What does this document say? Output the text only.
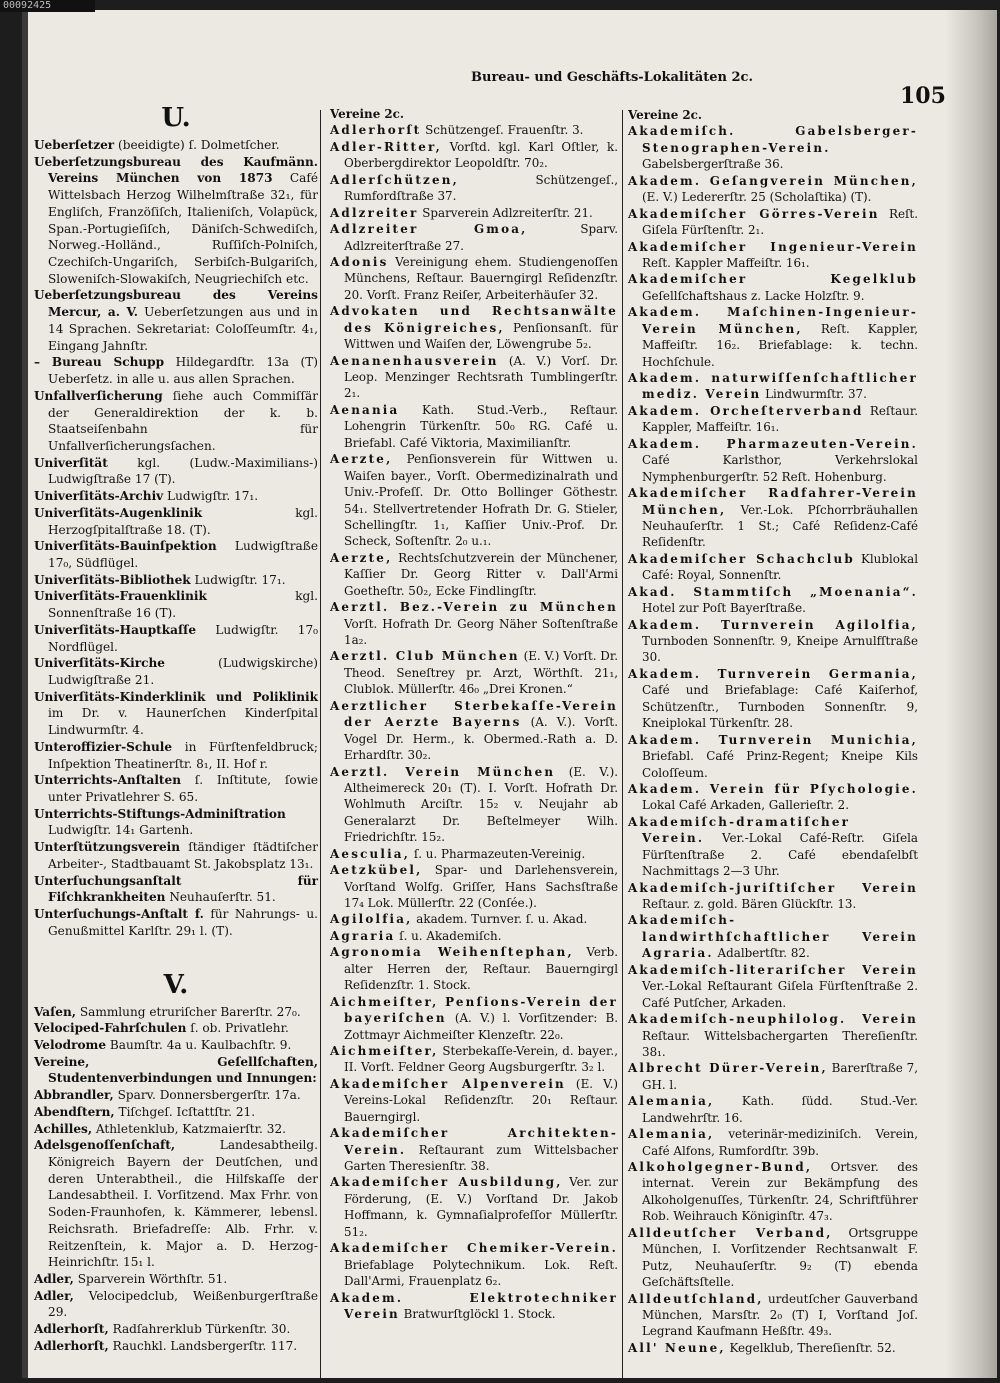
Bureau- und Geschäfts-Lokalitäten 2c.
105
U.

Ueberſetzer (beeidigte) ſ. Dolmetſcher.

Ueberſetzungsbureau des Kaufmänn. Vereins München von 1873 Café Wittelsbach Herzog Wilhelmſtraße 32₁, für Engliſch, Franzöſiſch, Italieniſch, Volapück, Span.-Portugieſiſch, Däniſch-Schwediſch, Norweg.-Holländ., Ruſſiſch-Polniſch, Czechiſch-Ungariſch, Serbiſch-Bulgariſch, Sloweniſch-Slowakiſch, Neugriechiſch etc.

Ueberſetzungsbureau des Vereins Mercur, a. V. Ueberſetzungen aus und in 14 Sprachen. Sekretariat: Coloſſeumſtr. 4₁, Eingang Jahnſtr.

– Bureau Schupp Hildegardſtr. 13a (T) Ueberſetz. in alle u. aus allen Sprachen.

Unfallverſicherung ſiehe auch Commiſſär der Generaldirektion der k. b. Staatseiſenbahn für Unfallverſicherungsſachen.

Univerſität kgl. (Ludw.-Maximilians-) Ludwigſtraße 17 (T).

Univerſitäts-Archiv Ludwigſtr. 17₁.

Univerſitäts-Augenklinik kgl. Herzogſpitalſtraße 18. (T).

Univerſitäts-Bauinſpektion Ludwigſtraße 17₀, Südflügel.

Univerſitäts-Bibliothek Ludwigſtr. 17₁.

Univerſitäts-Frauenklinik kgl. Sonnenſtraße 16 (T).

Univerſitäts-Hauptkaſſe Ludwigſtr. 17₀ Nordflügel.

Univerſitäts-Kirche (Ludwigskirche) Ludwigſtraße 21.

Univerſitäts-Kinderklinik und Poliklinik im Dr. v. Haunerſchen Kinderſpital Lindwurmſtr. 4.

Unteroffizier-Schule in Fürſtenfeldbruck; Inſpektion Theatinerſtr. 8₁, II. Hof r.

Unterrichts-Anſtalten ſ. Inſtitute, ſowie unter Privatlehrer S. 65.

Unterrichts-Stiftungs-Adminiſtration Ludwigſtr. 14₁ Gartenh.

Unterſtützungsverein ſtändiger ſtädtiſcher Arbeiter-, Stadtbauamt St. Jakobsplatz 13₁.

Unterſuchungsanſtalt für Fiſchkrankheiten Neuhauſerſtr. 51.

Unterſuchungs-Anſtalt f. für Nahrungs- u. Genußmittel Karlſtr. 29₁ l. (T).

V.

Vaſen, Sammlung etruriſcher Barerſtr. 27₀.

Velociped-Fahrſchulen ſ. ob. Privatlehr.

Velodrome Baumſtr. 4a u. Kaulbachſtr. 9.

Vereine, Geſellſchaften, Studentenverbindungen und Innungen:

Abbrandler, Sparv. Donnersbergerſtr. 17a.

Abendſtern, Tiſchgeſ. Icſtattſtr. 21.

Achilles, Athletenklub, Katzmaierſtr. 32.

Adelsgenoſſenſchaft, Landesabtheilg. Königreich Bayern der Deutſchen, und deren Unterabtheil., die Hilfskaſſe der Landesabtheil. I. Vorſitzend. Max Frhr. von Soden-Fraunhofen, k. Kämmerer, lebensl. Reichsrath. Briefadreſſe: Alb. Frhr. v. Reitzenſtein, k. Major a. D. Herzog-Heinrichſtr. 15₁ l.

Adler, Sparverein Wörthſtr. 51.

Adler, Velocipedclub, Weißenburgerſtraße 29.

Adlerhorſt, Radſahrerklub Türkenſtr. 30.

Adlerhorſt, Rauchkl. Landsbergerſtr. 117.

Vereine 2c.

Adlerhorſt Schützengeſ. Frauenſtr. 3.

Adler-Ritter, Vorſtd. kgl. Karl Oſtler, k. Oberbergdirektor Leopoldſtr. 70₂.

Adlerſchützen, Schützengeſ., Rumfordſtraße 37.

Adlzreiter Sparverein Adlzreiterſtr. 21.

Adlzreiter Gmoa, Sparv. Adlzreiterſtraße 27.

Adonis Vereinigung ehem. Studiengenoſſen Münchens, Reſtaur. Bauerngirgl Reſidenzſtr. 20. Vorſt. Franz Reiſer, Arbeiterhäuſer 32.

Advokaten und Rechtsanwälte des Königreiches, Penſionsanſt. für Wittwen und Waiſen der, Löwengrube 5₂.

Aenanenhausverein (A. V.) Vorſ. Dr. Leop. Menzinger Rechtsrath Tumblingerſtr. 2₁.

Aenania Kath. Stud.-Verb., Reſtaur. Lohengrin Türkenſtr. 50₀ RG. Café u. Briefabl. Café Viktoria, Maximilianſtr.

Aerzte, Penſionsverein für Wittwen u. Waiſen bayer., Vorſt. Obermedizinalrath und Univ.-Profeſſ. Dr. Otto Bollinger Göthestr. 54₁. Stellvertretender Hofrath Dr. G. Stieler, Schellingſtr. 1₁, Kaſſier Univ.-Prof. Dr. Scheck, Soſtenſtr. 2₀ u.₁.

Aerzte, Rechtsſchutzverein der Münchener, Kaſſier Dr. Georg Ritter v. Dall'Armi Goetheſtr. 50₂, Ecke Findlingſtr.

Aerztl. Bez.-Verein zu München Vorſt. Hofrath Dr. Georg Näher Soſtenſtraße 1a₂.

Aerztl. Club München (E. V.) Vorſt. Dr. Theod. Seneſtrey pr. Arzt, Wörthſt. 21₁, Clublok. Müllerſtr. 46₀ „Drei Kronen.“

Aerztlicher Sterbekaſſe-Verein der Aerzte Bayerns (A. V.). Vorſt. Vogel Dr. Herm., k. Obermed.-Rath a. D. Erhardſtr. 30₂.

Aerztl. Verein München (E. V.). Altheimereck 20₁ (T). I. Vorſt. Hofrath Dr. Wohlmuth Arciſtr. 15₂ v. Neujahr ab Generalarzt Dr. Beſtelmeyer Wilh. Friedrichſtr. 15₂.

Aesculia, ſ. u. Pharmazeuten-Vereinig.

Aetzkübel, Spar- und Darlehensverein, Vorſtand Wolfg. Griſſer, Hans Sachsſtraße 17₄ Lok. Müllerſtr. 22 (Conſée.).

Agilolfia, akadem. Turnver. ſ. u. Akad.

Agraria ſ. u. Akademiſch.

Agronomia Weihenſtephan, Verb. alter Herren der, Reſtaur. Bauerngirgl Reſidenzſtr. 1. Stock.

Aichmeiſter, Penſions-Verein der bayeriſchen (A. V.) l. Vorſitzender: B. Zottmayr Aichmeiſter Klenzeſtr. 22₀.

Aichmeiſter, Sterbekaſſe-Verein, d. bayer., II. Vorſt. Feldner Georg Augsburgerſtr. 3₂ l.

Akademiſcher Alpenverein (E. V.) Vereins-Lokal Reſidenzſtr. 20₁ Reſtaur. Bauerngirgl.

Akademiſcher Architekten-Verein. Reſtaurant zum Wittelsbacher Garten Theresienſtr. 38.

Akademiſcher Ausbildung, Ver. zur Förderung, (E. V.) Vorſtand Dr. Jakob Hoffmann, k. Gymnaſialprofeſſor Müllerſtr. 51₂.

Akademiſcher Chemiker-Verein. Briefablage Polytechnikum. Lok. Reſt. Dall'Armi, Frauenplatz 6₂.

Akadem. Elektrotechniker Verein Bratwurſtglöckl 1. Stock.

Vereine 2c.

Akademiſch. Gabelsberger-Stenographen-Verein. Gabelsbergerſtraße 36.

Akadem. Geſangverein München, (E. V.) Ledererſtr. 25 (Scholaſtika) (T).

Akademiſcher Görres-Verein Reſt. Giſela Fürſtenſtr. 2₁.

Akademiſcher Ingenieur-Verein Reſt. Kappler Maffeiſtr. 16₁.

Akademiſcher Kegelklub Geſellſchaftshaus z. Lacke Holzſtr. 9.

Akadem. Maſchinen-Ingenieur-Verein München, Reſt. Kappler, Maffeiſtr. 16₂. Briefablage: k. techn. Hochſchule.

Akadem. naturwiſſenſchaftlicher mediz. Verein Lindwurmſtr. 37.

Akadem. Orcheſterverband Reſtaur. Kappler, Maffeiſtr. 16₁.

Akadem. Pharmazeuten-Verein. Café Karlsthor, Verkehrslokal Nymphenburgerſtr. 52 Reſt. Hohenburg.

Akademiſcher Radfahrer-Verein München, Ver.-Lok. Pſchorrbräuhallen Neuhauſerſtr. 1 St.; Café Reſidenz-Café Reſidenſtr.

Akademiſcher Schachclub Klublokal Café: Royal, Sonnenſtr.

Akad. Stammtiſch „Moenania“. Hotel zur Poſt Bayerſtraße.

Akadem. Turnverein Agilolfia, Turnboden Sonnenſtr. 9, Kneipe Arnulfſtraße 30.

Akadem. Turnverein Germania, Café und Briefablage: Café Kaiſerhof, Schützenſtr., Turnboden Sonnenſtr. 9, Kneiplokal Türkenſtr. 28.

Akadem. Turnverein Munichia, Briefabl. Café Prinz-Regent; Kneipe Kils Coloſſeum.

Akadem. Verein für Pſychologie. Lokal Café Arkaden, Gallerieſtr. 2.

Akademiſch-dramatiſcher Verein. Ver.-Lokal Café-Reſtr. Giſela Fürſtenſtraße 2. Café ebendaſelbſt Nachmittags 2—3 Uhr.

Akademiſch-juriſtiſcher Verein Reſtaur. z. gold. Bären Glückſtr. 13.

Akademiſch-landwirthſchaftlicher Verein Agraria. Adalbertſtr. 82.

Akademiſch-literariſcher Verein Ver.-Lokal Reſtaurant Giſela Fürſtenſtraße 2. Café Putſcher, Arkaden.

Akademiſch-neuphilolog. Verein Reſtaur. Wittelsbachergarten Thereſienſtr. 38₁.

Albrecht Dürer-Verein, Barerſtraße 7, GH. l.

Alemania, Kath. ſüdd. Stud.-Ver. Landwehrſtr. 16.

Alemania, veterinär-mediziniſch. Verein, Café Alfons, Rumfordſtr. 39b.

Alkoholgegner-Bund, Ortsver. des internat. Verein zur Bekämpfung des Alkoholgenuſſes, Türkenſtr. 24, Schriftführer Rob. Weihrauch Königinſtr. 47₃.

Alldeutſcher Verband, Ortsgruppe München, I. Vorſitzender Rechtsanwalt F. Putz, Neuhauſerſtr. 9₂ (T) ebenda Geſchäftsſtelle.

Alldeutſchland, urdeutſcher Gauverband München, Marsſtr. 2₀ (T) I, Vorſtand Joſ. Legrand Kaufmann Heßſtr. 49₃.

All' Neune, Kegelklub, Thereſienſtr. 52.

00092425
